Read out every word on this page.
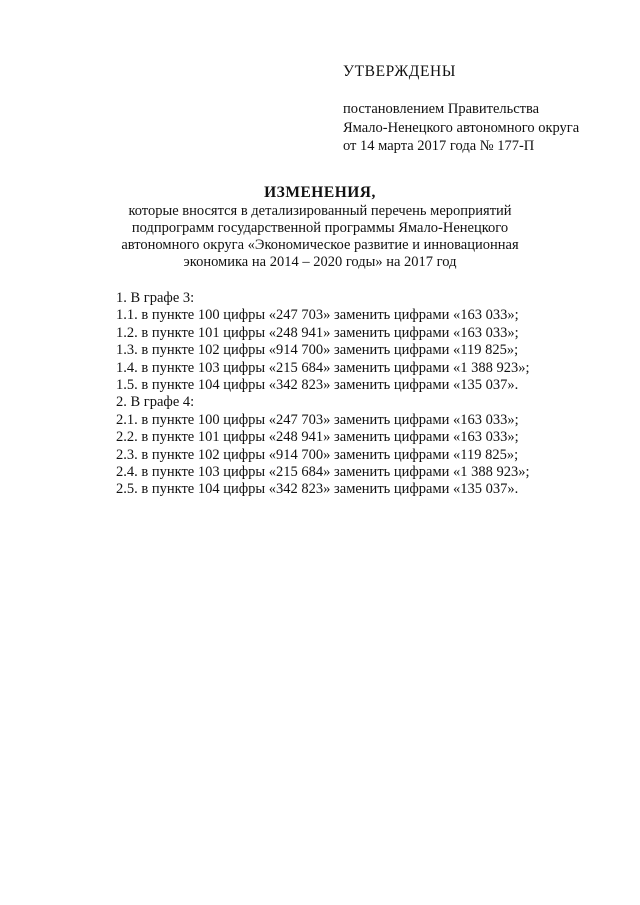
УТВЕРЖДЕНЫ
постановлением Правительства
Ямало-Ненецкого автономного округа
от 14 марта 2017 года № 177-П
ИЗМЕНЕНИЯ,
которые вносятся в детализированный перечень мероприятий
подпрограмм государственной программы Ямало-Ненецкого
автономного округа «Экономическое развитие и инновационная
экономика на 2014 – 2020 годы» на 2017 год
1. В графе 3:
1.1. в пункте 100 цифры «247 703» заменить цифрами «163 033»;
1.2. в пункте 101 цифры «248 941» заменить цифрами «163 033»;
1.3. в пункте 102 цифры «914 700» заменить цифрами «119 825»;
1.4. в пункте 103 цифры «215 684» заменить цифрами «1 388 923»;
1.5. в пункте 104 цифры «342 823» заменить цифрами «135 037».
2. В графе 4:
2.1. в пункте 100 цифры «247 703» заменить цифрами «163 033»;
2.2. в пункте 101 цифры «248 941» заменить цифрами «163 033»;
2.3. в пункте 102 цифры «914 700» заменить цифрами «119 825»;
2.4. в пункте 103 цифры «215 684» заменить цифрами «1 388 923»;
2.5. в пункте 104 цифры «342 823» заменить цифрами «135 037».
